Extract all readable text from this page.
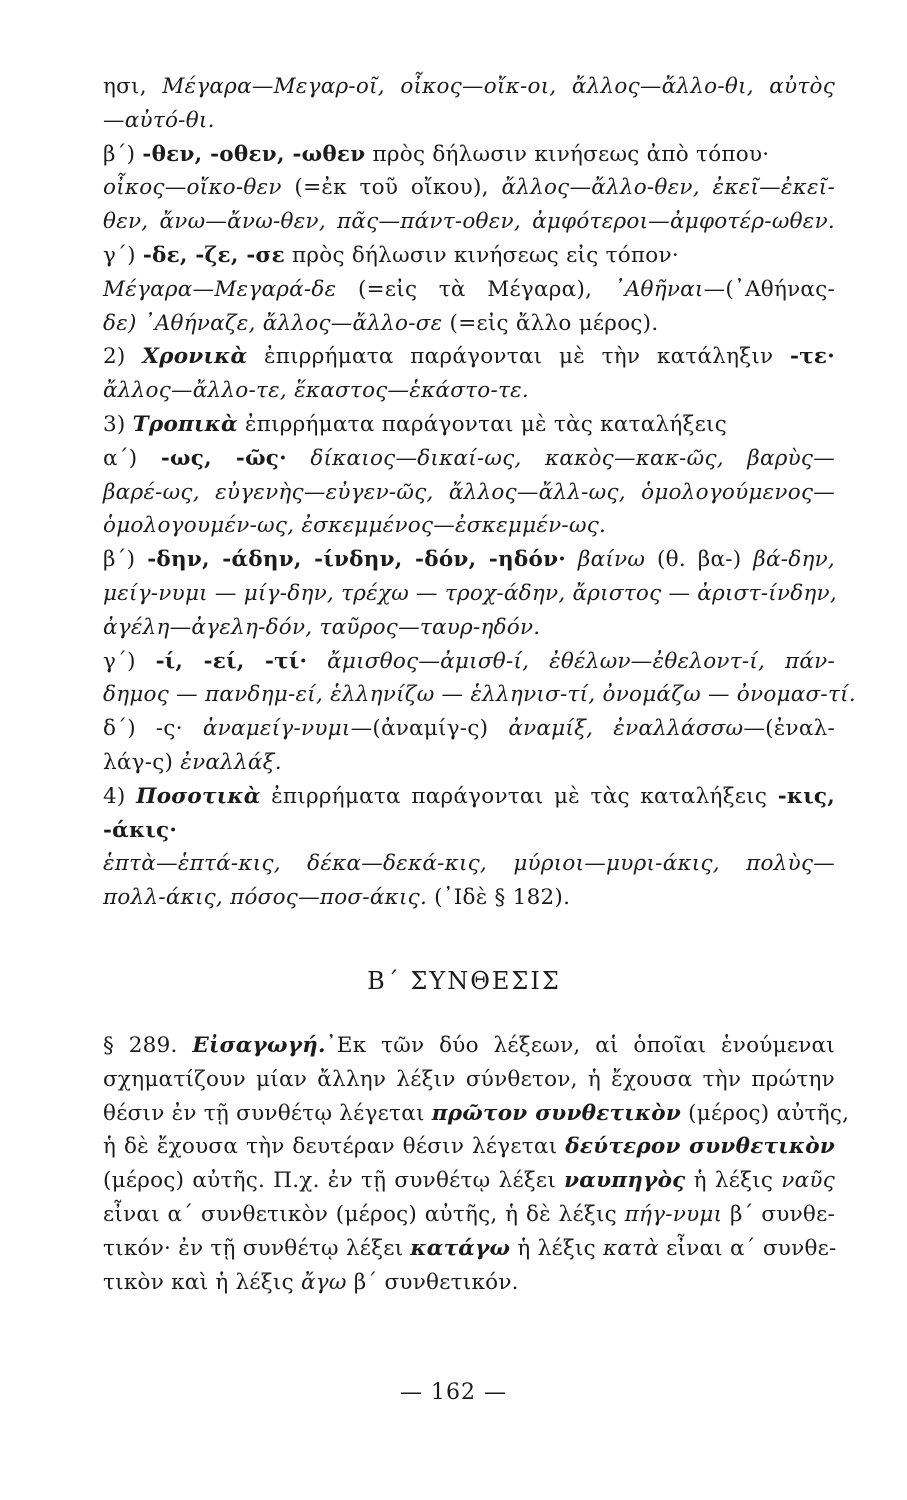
ησι, Μέγαρα—Μεγαρ-οῖ, οἶκος—οἴκ-οι, ἄλλος—ἄλλο-θι, αὐτὸς
—αὐτό-θι.
β΄) -θεν, -οθεν, -ωθεν πρὸς δήλωσιν κινήσεως ἀπὸ τόπου·
οἶκος—οἴκο-θεν (=ἐκ τοῦ οἴκου), ἄλλος—ἄλλο-θεν, ἐκεῖ—ἐκεῖ-
θεν, ἄνω—ἄνω-θεν, πᾶς—πάντ-οθεν, ἀμφότεροι—ἀμφοτέρ-ωθεν.
γ΄) -δε, -ζε, -σε πρὸς δήλωσιν κινήσεως εἰς τόπον·
Μέγαρα—Μεγαρά-δε (=εἰς τὰ Μέγαρα), ᾿Αθῆναι—(᾿Αθήνας-
δε) ᾿Αθήναζε, ἄλλος—ἄλλο-σε (=εἰς ἄλλο μέρος).
2) Χρονικὰ ἐπιρρήματα παράγονται μὲ τὴν κατάληξιν -τε·
ἄλλος—ἄλλο-τε, ἕκαστος—ἑκάστο-τε.
3) Τροπικὰ ἐπιρρήματα παράγονται μὲ τὰς καταλήξεις
α΄) -ως, -ῶς· δίκαιος—δικαί-ως, κακὸς—κακ-ῶς, βαρὺς—
βαρέ-ως, εὐγενὴς—εὐγεν-ῶς, ἄλλος—ἄλλ-ως, ὁμολογούμενος—
ὁμολογουμέν-ως, ἐσκεμμένος—ἐσκεμμέν-ως.
β΄) -δην, -άδην, -ίνδην, -δόν, -ηδόν· βαίνω (θ. βα-) βά-δην,
μείγ-νυμι — μίγ-δην, τρέχω — τροχ-άδην, ἄριστος — ἀριστ-ίνδην,
ἀγέλη—ἀγελη-δόν, ταῦρος—ταυρ-ηδόν.
γ΄) -ί, -εί, -τί· ἄμισθος—ἀμισθ-ί, ἐθέλων—ἐθελοντ-ί, πάν-
δημος — πανδημ-εί, ἑλληνίζω — ἑλληνισ-τί, ὀνομάζω — ὀνομασ-τί.
δ΄) -ς· ἀναμείγ-νυμι—(ἀναμίγ-ς) ἀναμίξ, ἐναλλάσσω—(ἐναλ-
λάγ-ς) ἐναλλάξ.
4) Ποσοτικὰ ἐπιρρήματα παράγονται μὲ τὰς καταλήξεις -κις,
-άκις·
ἑπτὰ—ἑπτά-κις, δέκα—δεκά-κις, μύριοι—μυρι-άκις, πολὺς—
πολλ-άκις, πόσος—ποσ-άκις. (᾿Ιδὲ § 182).
Β΄ ΣΥΝΘΕΣΙΣ
§ 289. Εἰσαγωγή.᾿Εκ τῶν δύο λέξεων, αἱ ὁποῖαι ἑνούμεναι
σχηματίζουν μίαν ἄλλην λέξιν σύνθετον, ἡ ἔχουσα τὴν πρώτην
θέσιν ἐν τῇ συνθέτῳ λέγεται πρῶτον συνθετικὸν (μέρος) αὐτῆς,
ἡ δὲ ἔχουσα τὴν δευτέραν θέσιν λέγεται δεύτερον συνθετικὸν
(μέρος) αὐτῆς. Π.χ. ἐν τῇ συνθέτῳ λέξει ναυπηγὸς ἡ λέξις ναῦς
εἶναι α΄ συνθετικὸν (μέρος) αὐτῆς, ἡ δὲ λέξις πήγ-νυμι β΄ συνθε-
τικόν· ἐν τῇ συνθέτῳ λέξει κατάγω ἡ λέξις κατὰ εἶναι α΄ συνθε-
τικὸν καὶ ἡ λέξις ἄγω β΄ συνθετικόν.
— 162 —
